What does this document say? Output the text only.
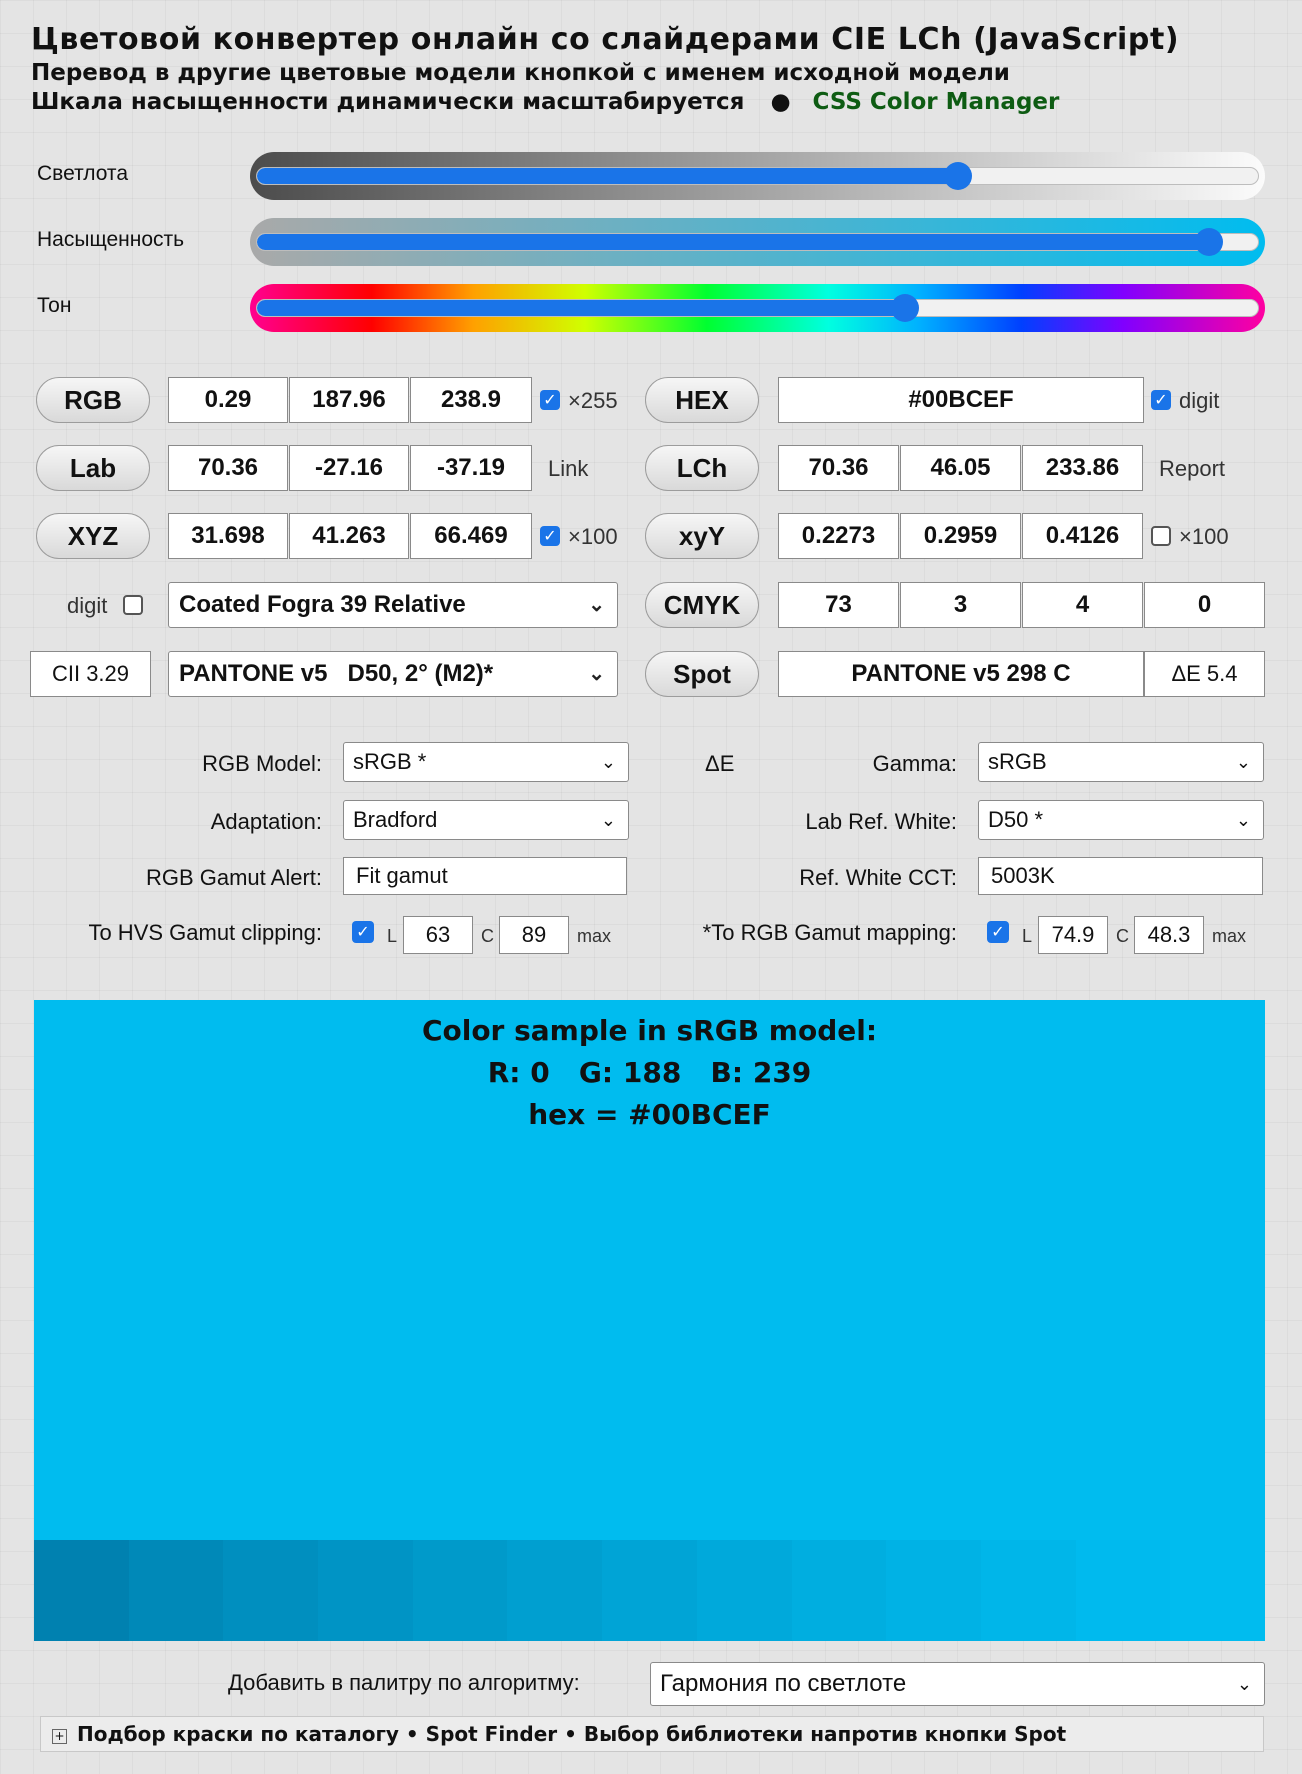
Цветовой конвертер онлайн со слайдерами CIE LCh (JavaScript)
Перевод в другие цветовые модели кнопкой с именем исходной модели
Шкала насыщенности динамически масштабируется ● CSS Color Manager
Светлота
Насыщенность
Тон
RGB	0.29	187.96	238.9	✓ ×255	HEX	#00BCEF	✓ digit
Lab	70.36	-27.16	-37.19	Link	LCh	70.36	46.05	233.86	Report
XYZ	31.698	41.263	66.469	✓ ×100	xyY	0.2273	0.2959	0.4126	×100
digit	Coated Fogra 39 Relative	⌄	CMYK	73	3	4	0
CII 3.29	PANTONE v5   D50, 2° (M2)*	⌄	Spot	PANTONE v5 298 C	ΔE 5.4
RGB Model:	sRGB *	⌄	ΔE	Gamma:	sRGB	⌄
Adaptation:	Bradford	⌄	Lab Ref. White:	D50 *	⌄
RGB Gamut Alert:	Fit gamut	Ref. White CCT:	5003K
To HVS Gamut clipping: ✓ L	63	C	89	max	*To RGB Gamut mapping: ✓ L 74.9	C 48.3	max
Color sample in sRGB model:
R: 0   G: 188   B: 239
hex = #00BCEF
Добавить в палитру по алгоритму:	Гармония по светлоте	⌄
+ Подбор краски по каталогу • Spot Finder • Выбор библиотеки напротив кнопки Spot
